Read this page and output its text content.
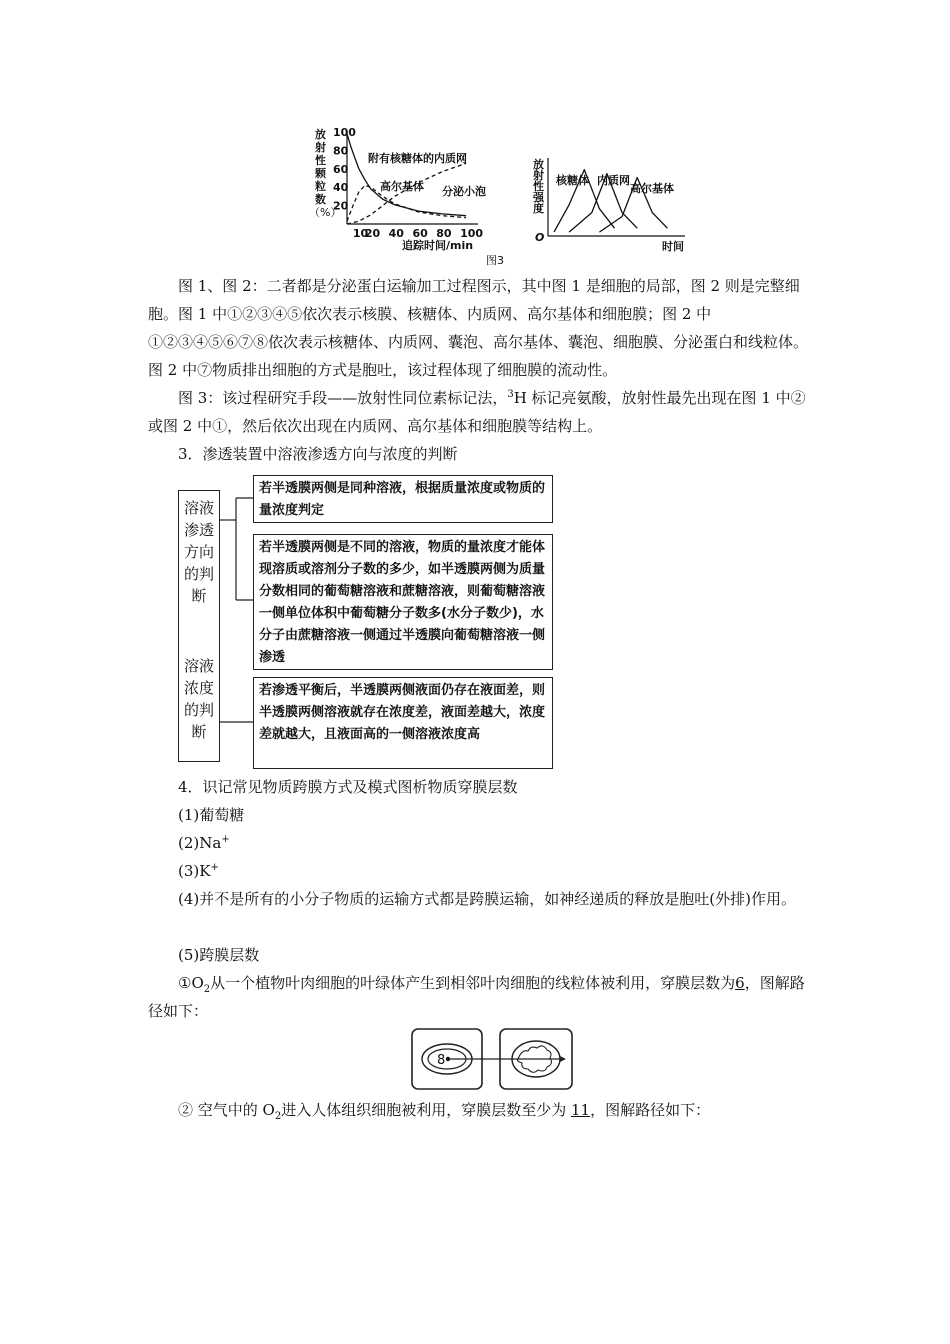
放
射
性
颗
粒
数
（%）
10
20 40 60 80 100
20
40
60
80
100
附有核糖体的内质网
高尔基体 分泌小泡
追踪时间/min
放
射
性
强
度
O
核糖体 内质网
高尔基体
时间
图3

图 1、图 2：二者都是分泌蛋白运输加工过程图示，其中图 1 是细胞的局部，图 2 则是完整细胞。图 1 中①②③④⑤依次表示核膜、核糖体、内质网、高尔基体和细胞膜；图 2 中①②③④⑤⑥⑦⑧依次表示核糖体、内质网、囊泡、高尔基体、囊泡、细胞膜、分泌蛋白和线粒体。图 2 中⑦物质排出细胞的方式是胞吐，该过程体现了细胞膜的流动性。

图 3：该过程研究手段——放射性同位素标记法，$^3$H 标记亮氨酸，放射性最先出现在图 1 中②或图 2 中①，然后依次出现在内质网、高尔基体和细胞膜等结构上。

3．渗透装置中溶液渗透方向与浓度的判断

溶液
渗透
方向
的判
断
溶液
浓度
的判
断
若半透膜两侧是同种溶液，根据质量浓度或物质的量浓度判定
若半透膜两侧是不同的溶液，物质的量浓度才能体现溶质或溶剂分子数的多少，如半透膜两侧为质量分数相同的葡萄糖溶液和蔗糖溶液，则葡萄糖溶液一侧单位体积中葡萄糖分子数多(水分子数少)，水分子由蔗糖溶液一侧通过半透膜向葡萄糖溶液一侧渗透
若渗透平衡后，半透膜两侧液面仍存在液面差，则半透膜两侧溶液就存在浓度差，液面差越大，浓度差就越大，且液面高的一侧溶液浓度高

4．识记常见物质跨膜方式及模式图析物质穿膜层数

(1)葡萄糖

(2)Na+

(3)K+

(4)并不是所有的小分子物质的运输方式都是跨膜运输，如神经递质的释放是胞吐(外排)作用。

(5)跨膜层数

$①O_2$从一个植物叶肉细胞的叶绿体产生到相邻叶肉细胞的线粒体被利用，穿膜层数为6，图解路径如下：

8

② 空气中的 $O_2$进入人体组织细胞被利用，穿膜层数至少为 11，图解路径如下：
